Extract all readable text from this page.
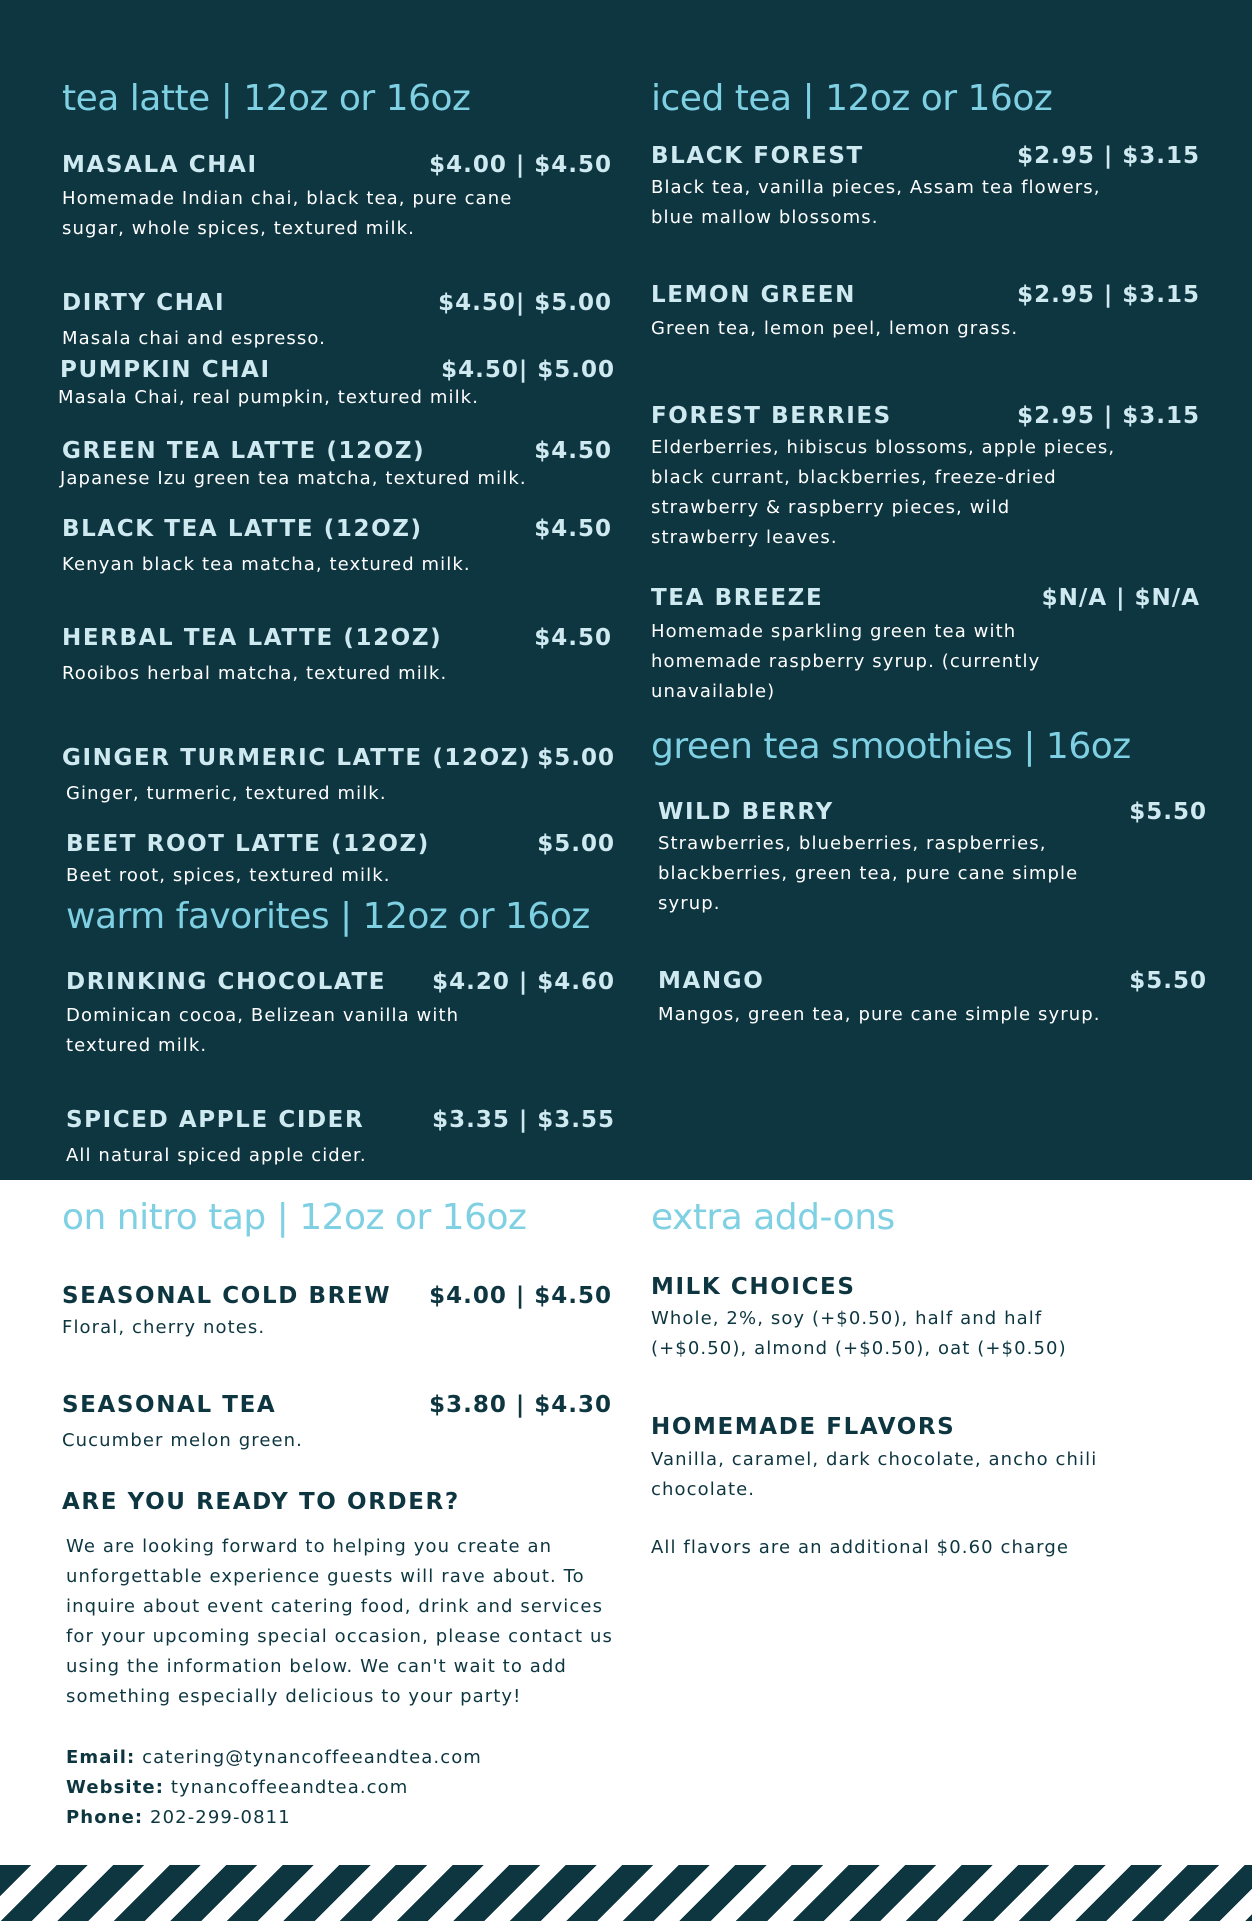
tea latte | 12oz or 16oz
MASALA CHAI	$4.00 | $4.50
Homemade Indian chai, black tea, pure cane sugar, whole spices, textured milk.
DIRTY CHAI	$4.50| $5.00
Masala chai and espresso.
PUMPKIN CHAI	$4.50| $5.00
Masala Chai, real pumpkin, textured milk.
GREEN TEA LATTE (12OZ)	$4.50
Japanese Izu green tea matcha, textured milk.
BLACK TEA LATTE (12OZ)	$4.50
Kenyan black tea matcha, textured milk.
HERBAL TEA LATTE (12OZ)	$4.50
Rooibos herbal matcha, textured milk.
GINGER TURMERIC LATTE (12OZ) $5.00
Ginger, turmeric, textured milk.
BEET ROOT LATTE (12OZ)	$5.00
Beet root, spices, textured milk.
warm favorites | 12oz or 16oz
DRINKING CHOCOLATE $4.20 | $4.60
Dominican cocoa, Belizean vanilla with textured milk.
SPICED APPLE CIDER	$3.35 | $3.55
All natural spiced apple cider.
iced tea | 12oz or 16oz
BLACK FOREST	$2.95 | $3.15
Black tea, vanilla pieces, Assam tea flowers, blue mallow blossoms.
LEMON GREEN	$2.95 | $3.15
Green tea, lemon peel, lemon grass.
FOREST BERRIES	$2.95 | $3.15
Elderberries, hibiscus blossoms, apple pieces, black currant, blackberries, freeze-dried strawberry & raspberry pieces, wild strawberry leaves.
TEA BREEZE	$N/A | $N/A
Homemade sparkling green tea with homemade raspberry syrup. (currently unavailable)
green tea smoothies | 16oz
WILD BERRY	$5.50
Strawberries, blueberries, raspberries, blackberries, green tea, pure cane simple syrup.
MANGO	$5.50
Mangos, green tea, pure cane simple syrup.
on nitro tap | 12oz or 16oz
SEASONAL COLD BREW $4.00 | $4.50
Floral, cherry notes.
SEASONAL TEA	$3.80 | $4.30
Cucumber melon green.
ARE YOU READY TO ORDER?
We are looking forward to helping you create an unforgettable experience guests will rave about. To inquire about event catering food, drink and services for your upcoming special occasion, please contact us using the information below. We can't wait to add something especially delicious to your party!
Email: catering@tynancoffeeandtea.com
Website: tynancoffeeandtea.com
Phone: 202-299-0811
extra add-ons
MILK CHOICES
Whole, 2%, soy (+$0.50), half and half (+$0.50), almond (+$0.50), oat (+$0.50)
HOMEMADE FLAVORS
Vanilla, caramel, dark chocolate, ancho chili chocolate.
All flavors are an additional $0.60 charge
